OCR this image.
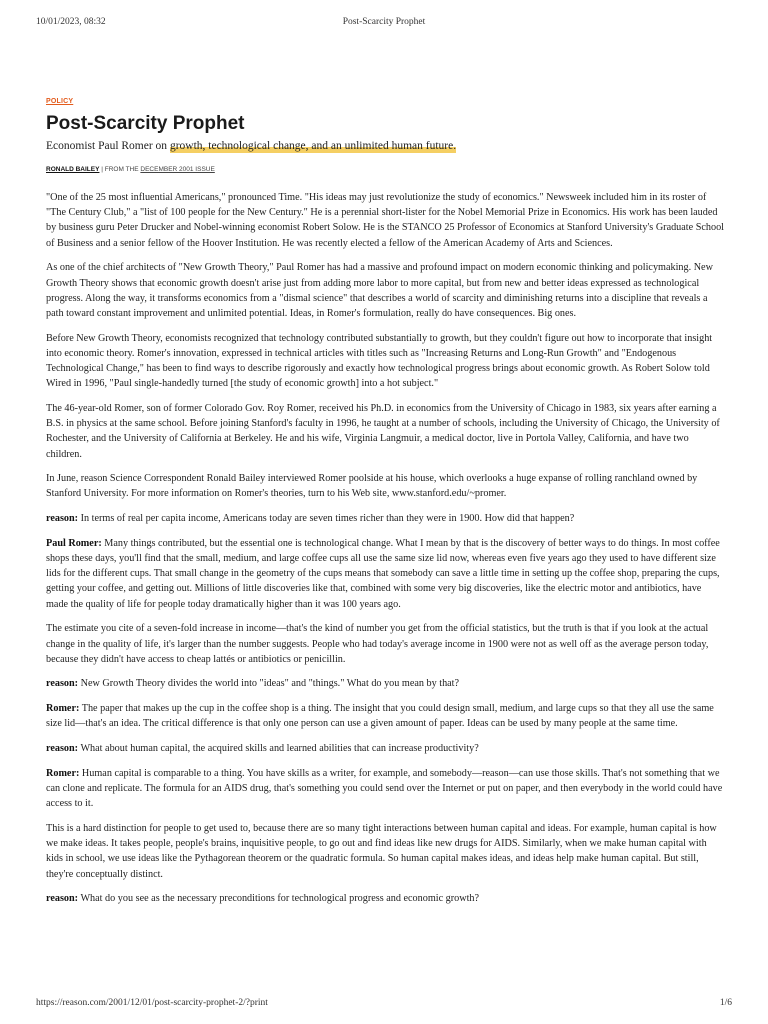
10/01/2023, 08:32	Post-Scarcity Prophet
POLICY
Post-Scarcity Prophet

Economist Paul Romer on growth, technological change, and an unlimited human future.

RONALD BAILEY | FROM THE DECEMBER 2001 ISSUE

"One of the 25 most influential Americans," pronounced Time. "His ideas may just revolutionize the study of economics." Newsweek included him in its roster of "The Century Club," a "list of 100 people for the New Century." He is a perennial short-lister for the Nobel Memorial Prize in Economics. His work has been lauded by business guru Peter Drucker and Nobel-winning economist Robert Solow. He is the STANCO 25 Professor of Economics at Stanford University's Graduate School of Business and a senior fellow of the Hoover Institution. He was recently elected a fellow of the American Academy of Arts and Sciences.

As one of the chief architects of "New Growth Theory," Paul Romer has had a massive and profound impact on modern economic thinking and policymaking. New Growth Theory shows that economic growth doesn't arise just from adding more labor to more capital, but from new and better ideas expressed as technological progress. Along the way, it transforms economics from a "dismal science" that describes a world of scarcity and diminishing returns into a discipline that reveals a path toward constant improvement and unlimited potential. Ideas, in Romer's formulation, really do have consequences. Big ones.

Before New Growth Theory, economists recognized that technology contributed substantially to growth, but they couldn't figure out how to incorporate that insight into economic theory. Romer's innovation, expressed in technical articles with titles such as "Increasing Returns and Long-Run Growth" and "Endogenous Technological Change," has been to find ways to describe rigorously and exactly how technological progress brings about economic growth. As Robert Solow told Wired in 1996, "Paul single-handedly turned [the study of economic growth] into a hot subject."

The 46-year-old Romer, son of former Colorado Gov. Roy Romer, received his Ph.D. in economics from the University of Chicago in 1983, six years after earning a B.S. in physics at the same school. Before joining Stanford's faculty in 1996, he taught at a number of schools, including the University of Chicago, the University of Rochester, and the University of California at Berkeley. He and his wife, Virginia Langmuir, a medical doctor, live in Portola Valley, California, and have two children.

In June, reason Science Correspondent Ronald Bailey interviewed Romer poolside at his house, which overlooks a huge expanse of rolling ranchland owned by Stanford University. For more information on Romer's theories, turn to his Web site, www.stanford.edu/~promer.

reason: In terms of real per capita income, Americans today are seven times richer than they were in 1900. How did that happen?

Paul Romer: Many things contributed, but the essential one is technological change. What I mean by that is the discovery of better ways to do things. In most coffee shops these days, you'll find that the small, medium, and large coffee cups all use the same size lid now, whereas even five years ago they used to have different size lids for the different cups. That small change in the geometry of the cups means that somebody can save a little time in setting up the coffee shop, preparing the cups, getting your coffee, and getting out. Millions of little discoveries like that, combined with some very big discoveries, like the electric motor and antibiotics, have made the quality of life for people today dramatically higher than it was 100 years ago.

The estimate you cite of a seven-fold increase in income—that's the kind of number you get from the official statistics, but the truth is that if you look at the actual change in the quality of life, it's larger than the number suggests. People who had today's average income in 1900 were not as well off as the average person today, because they didn't have access to cheap lattés or antibiotics or penicillin.

reason: New Growth Theory divides the world into "ideas" and "things." What do you mean by that?

Romer: The paper that makes up the cup in the coffee shop is a thing. The insight that you could design small, medium, and large cups so that they all use the same size lid—that's an idea. The critical difference is that only one person can use a given amount of paper. Ideas can be used by many people at the same time.

reason: What about human capital, the acquired skills and learned abilities that can increase productivity?

Romer: Human capital is comparable to a thing. You have skills as a writer, for example, and somebody—reason—can use those skills. That's not something that we can clone and replicate. The formula for an AIDS drug, that's something you could send over the Internet or put on paper, and then everybody in the world could have access to it.

This is a hard distinction for people to get used to, because there are so many tight interactions between human capital and ideas. For example, human capital is how we make ideas. It takes people, people's brains, inquisitive people, to go out and find ideas like new drugs for AIDS. Similarly, when we make human capital with kids in school, we use ideas like the Pythagorean theorem or the quadratic formula. So human capital makes ideas, and ideas help make human capital. But still, they're conceptually distinct.

reason: What do you see as the necessary preconditions for technological progress and economic growth?

https://reason.com/2001/12/01/post-scarcity-prophet-2/?print	1/6
